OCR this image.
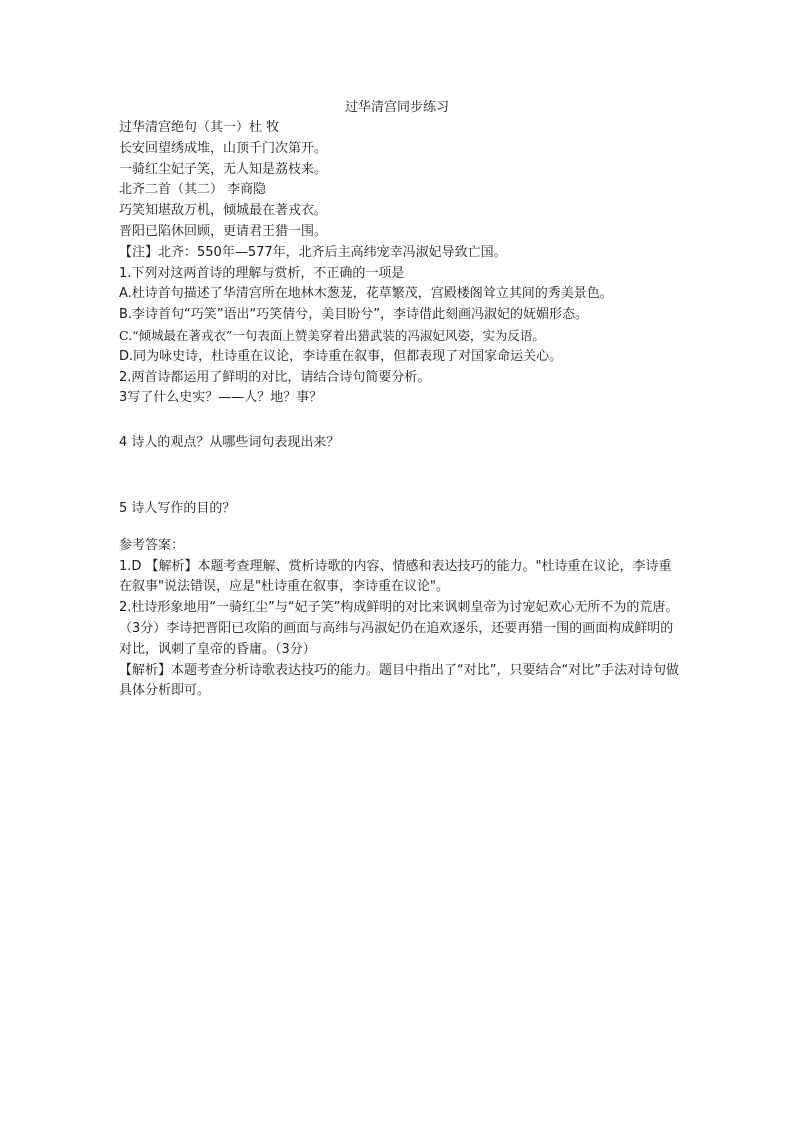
过华清宫同步练习
过华清宫绝句（其一）杜 牧
长安回望绣成堆，山顶千门次第开。
一骑红尘妃子笑，无人知是荔枝来。
北齐二首（其二） 李商隐
巧笑知堪敌万机，倾城最在著戎衣。
晋阳已陷休回顾，更请君王猎一围。
【注】北齐：550年—577年，北齐后主高纬宠幸冯淑妃导致亡国。
1.下列对这两首诗的理解与赏析，不正确的一项是
A.杜诗首句描述了华清宫所在地林木葱茏，花草繁茂，宫殿楼阁耸立其间的秀美景色。
B.李诗首句“巧笑”语出“巧笑倩兮，美目盼兮”，李诗借此刻画冯淑妃的妩媚形态。
C.“倾城最在著戎衣”一句表面上赞美穿着出猎武装的冯淑妃风姿，实为反语。
D.同为咏史诗，杜诗重在议论，李诗重在叙事，但都表现了对国家命运关心。
2.两首诗都运用了鲜明的对比，请结合诗句简要分析。
3写了什么史实？——人？地？事？
4 诗人的观点？从哪些词句表现出来？
5 诗人写作的目的？
参考答案：
1.D 【解析】本题考查理解、赏析诗歌的内容、情感和表达技巧的能力。"杜诗重在议论，李诗重在叙事"说法错误，应是"杜诗重在叙事，李诗重在议论"。
2.杜诗形象地用“一骑红尘”与“妃子笑”构成鲜明的对比来讽刺皇帝为讨宠妃欢心无所不为的荒唐。（3分）李诗把晋阳已攻陷的画面与高纬与冯淑妃仍在追欢逐乐，还要再猎一围的画面构成鲜明的对比，讽刺了皇帝的昏庸。（3分）
【解析】本题考查分析诗歌表达技巧的能力。题目中指出了“对比”，只要结合“对比”手法对诗句做具体分析即可。
